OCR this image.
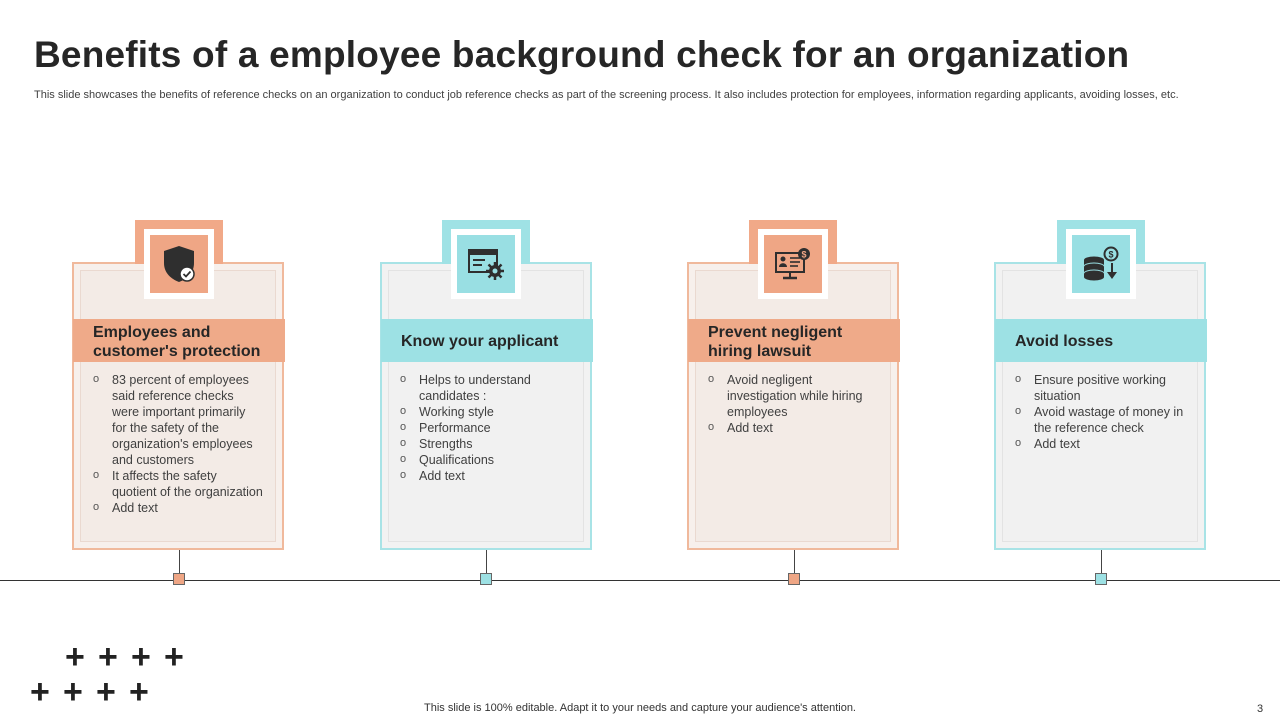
Benefits of a employee background check for an organization

This slide showcases the benefits of reference checks on an organization to conduct job reference checks as part of the screening process. It also includes protection for employees, information regarding applicants, avoiding losses, etc.

Employees and customer's protection
o 83 percent of employees said reference checks were important primarily for the safety of the organization's employees and customers
o It affects the safety quotient of the organization
o Add text
Know your applicant
o Helps to understand candidates :
o Working style
o Performance
o Strengths
o Qualifications
o Add text
$
Prevent negligent hiring lawsuit
o Avoid negligent investigation while hiring employees
o Add text
$
Avoid losses
o Ensure positive working situation
o Avoid wastage of money in the reference check
o Add text
+ + + +
+ + + +	This slide is 100% editable. Adapt it to your needs and capture your audience's attention.	3
